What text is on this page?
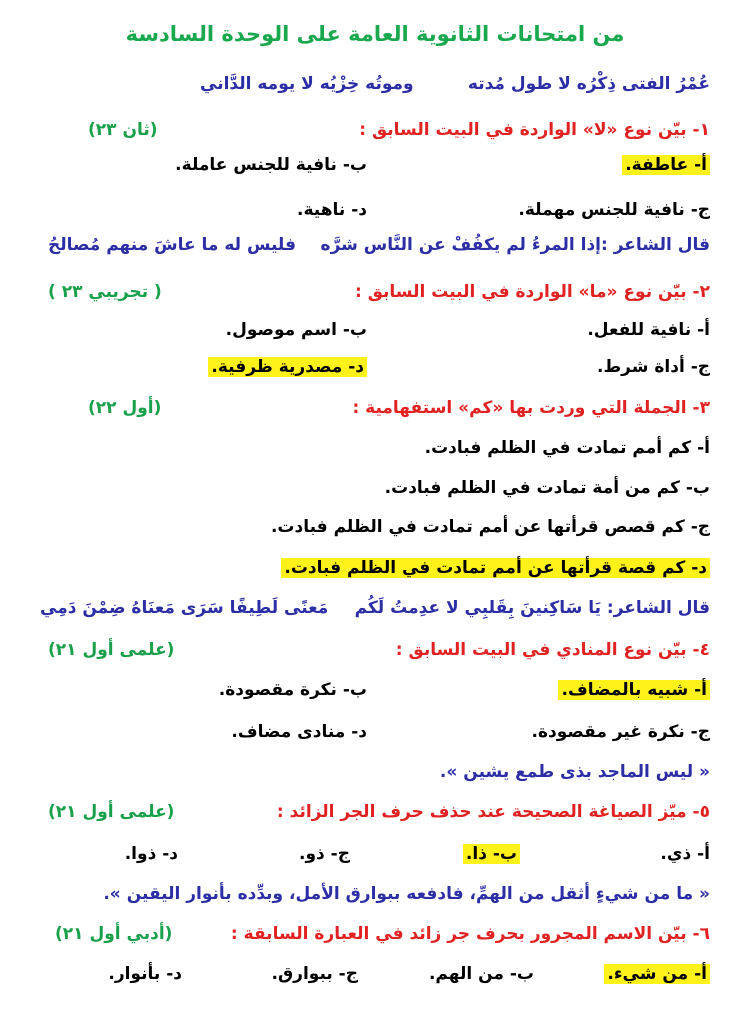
من امتحانات الثانوية العامة على الوحدة السادسة
عُمْرُ الفتى ذِكْرُه لا طول مُدته
وموتُه خِزْيُه لا يومه الدَّاني
١- بيّن نوع «لا» الواردة في البيت السابق :
(ثان ٢٣)
أ- عاطفة.
ب- نافية للجنس عاملة.
ج- نافية للجنس مهملة.
د- ناهية.
قال الشاعر :إذا المرءُ لم يكفُفْ عن النَّاس شرَّه
فليس له ما عاشَ منهم مُصالحُ
٢- بيّن نوع «ما» الواردة في البيت السابق :
( تجريبي ٢٣ )
أ- نافية للفعل.
ب- اسم موصول.
ج- أداة شرط.
د- مصدرية ظرفية.
٣- الجملة التي وردت بها «كم» استفهامية :
(أول ٢٢)
أ- كم أمم تمادت في الظلم فبادت.
ب- كم من أمة تمادت في الظلم فبادت.
ج- كم قصص قرأتها عن أمم تمادت في الظلم فبادت.
د- كم قصة قرأتها عن أمم تمادت في الظلم فبادت.
قال الشاعر: يَا سَاكِنينَ بِقَلبِي لا عدِمتُ لَكُم
مَعنًى لَطِيفًا سَرَى مَعنَاهُ ضِمْنَ دَمِي
٤- بيّن نوع المنادي في البيت السابق :
(علمى أول ٢١)
أ- شبيه بالمضاف.
ب- نكرة مقصودة.
ج- نكرة غير مقصودة.
د- منادى مضاف.
« ليس الماجد بذى طمع يشين ».
٥- ميّز الصياغة الصحيحة عند حذف حرف الجر الزائد :
(علمى أول ٢١)
أ- ذي.
ب- ذا.
ج- ذو.
د- ذوا.
« ما من شيءٍ أثقل من الهمِّ، فادفعه ببوارق الأمل، وبدِّده بأنوار اليقين ».
٦- بيّن الاسم المجرور بحرف جر زائد في العبارة السابقة :
(أدبي أول ٢١)
أ- من شيء.
ب- من الهم.
ج- ببوارق.
د- بأنوار.
